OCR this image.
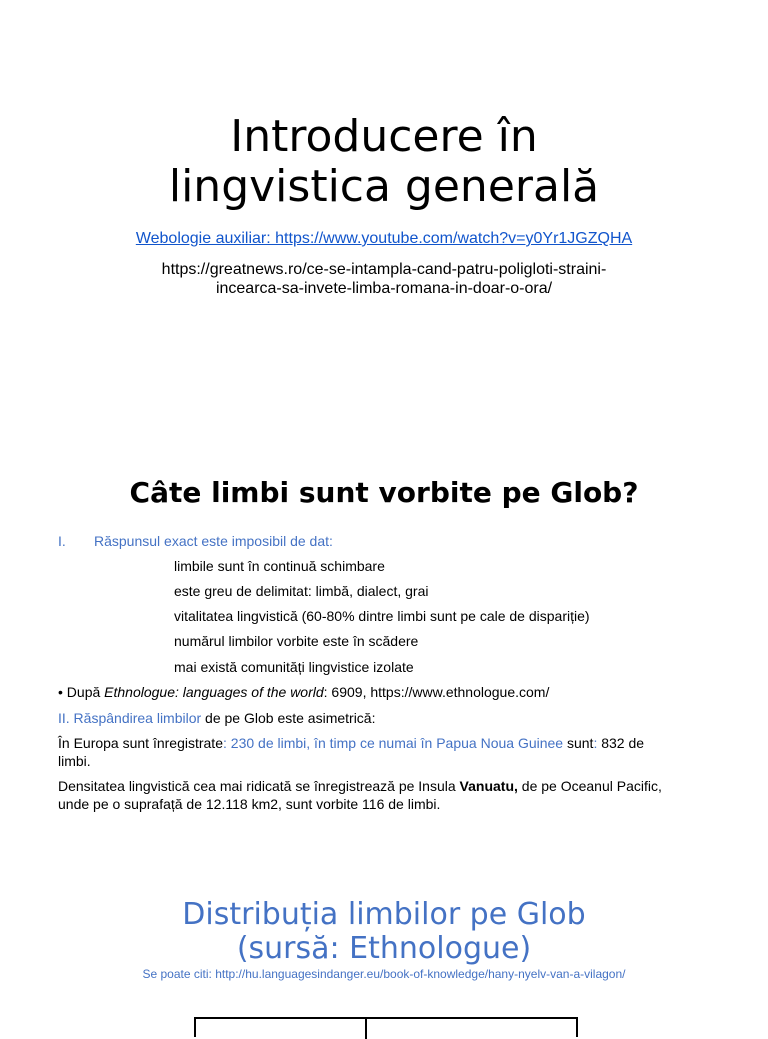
Introducere în
lingvistica generală
Webologie auxiliar: https://www.youtube.com/watch?v=y0Yr1JGZQHA
https://greatnews.ro/ce-se-intampla-cand-patru-poligloti-straini-
incearca-sa-invete-limba-romana-in-doar-o-ora/
Câte limbi sunt vorbite pe Glob?
I. Răspunsul exact este imposibil de dat:
limbile sunt în continuă schimbare
este greu de delimitat: limbă, dialect, grai
vitalitatea lingvistică (60-80% dintre limbi sunt pe cale de dispariție)
numărul limbilor vorbite este în scădere
mai există comunități lingvistice izolate
• După Ethnologue: languages of the world: 6909, https://www.ethnologue.com/
II. Răspândirea limbilor de pe Glob este asimetrică:
În Europa sunt înregistrate: 230 de limbi, în timp ce numai în Papua Noua Guinee sunt: 832 de
limbi.
Densitatea lingvistică cea mai ridicată se înregistrează pe Insula Vanuatu, de pe Oceanul Pacific,
unde pe o suprafață de 12.118 km2, sunt vorbite 116 de limbi.
Distribuția limbilor pe Glob
(sursă: Ethnologue)
Se poate citi: http://hu.languagesindanger.eu/book-of-knowledge/hany-nyelv-van-a-vilagon/
